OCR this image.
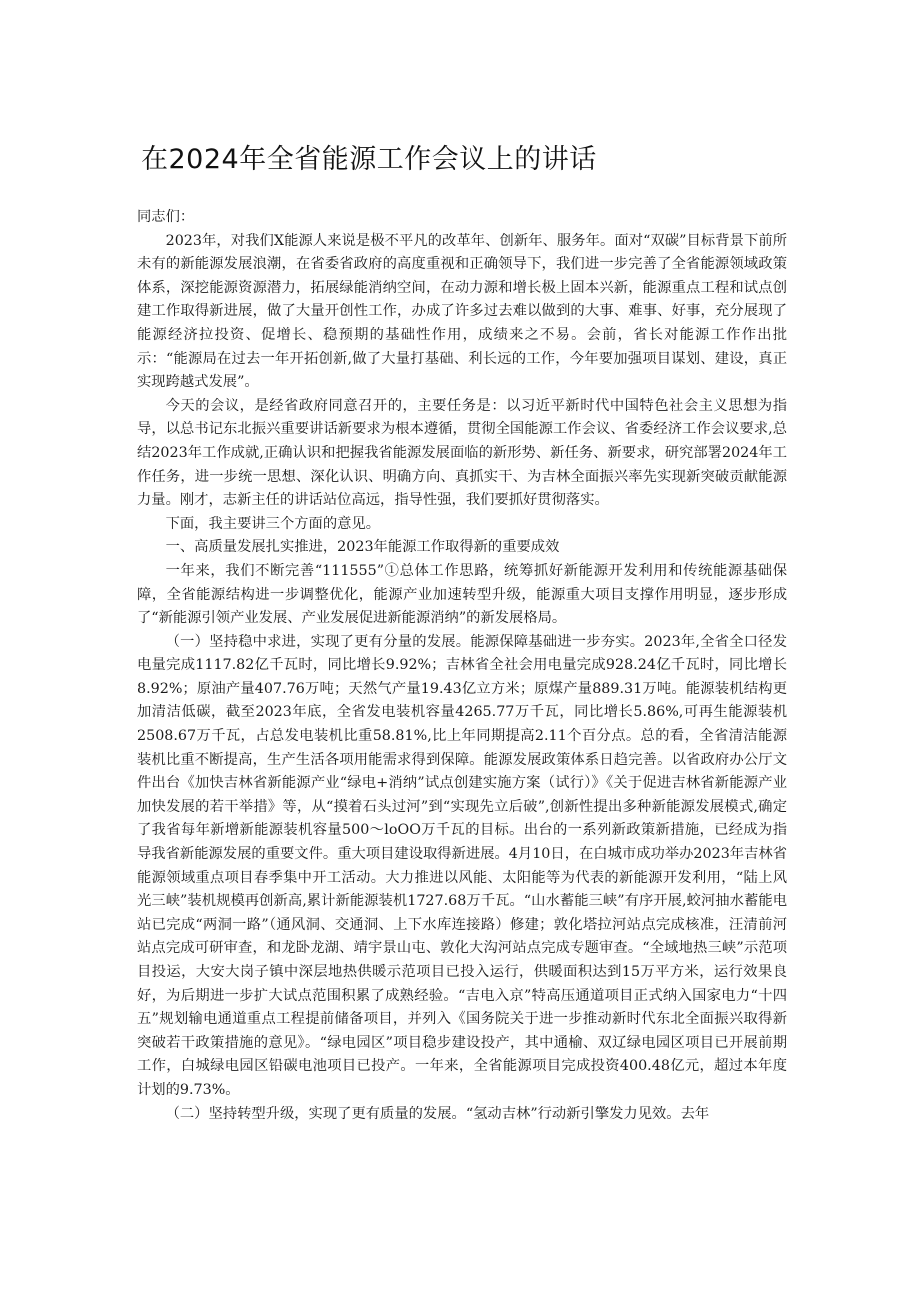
在2024年全省能源工作会议上的讲话

同志们：

2023年，对我们X能源人来说是极不平凡的改革年、创新年、服务年。面对“双碳”目标背景下前所未有的新能源发展浪潮，在省委省政府的高度重视和正确领导下，我们进一步完善了全省能源领域政策体系，深挖能源资源潜力，拓展绿能消纳空间，在动力源和增长极上固本兴新，能源重点工程和试点创建工作取得新进展，做了大量开创性工作，办成了许多过去难以做到的大事、难事、好事，充分展现了能源经济拉投资、促增长、稳预期的基础性作用，成绩来之不易。会前，省长对能源工作作出批示：“能源局在过去一年开拓创新,做了大量打基础、利长远的工作，今年要加强项目谋划、建设，真正实现跨越式发展”。

今天的会议，是经省政府同意召开的，主要任务是：以习近平新时代中国特色社会主义思想为指导，以总书记东北振兴重要讲话新要求为根本遵循，贯彻全国能源工作会议、省委经济工作会议要求,总结2023年工作成就,正确认识和把握我省能源发展面临的新形势、新任务、新要求，研究部署2024年工作任务，进一步统一思想、深化认识、明确方向、真抓实干、为吉林全面振兴率先实现新突破贡献能源力量。刚才，志新主任的讲话站位高远，指导性强，我们要抓好贯彻落实。

下面，我主要讲三个方面的意见。

一、高质量发展扎实推进，2023年能源工作取得新的重要成效

一年来，我们不断完善“111555”①总体工作思路，统筹抓好新能源开发利用和传统能源基础保障，全省能源结构进一步调整优化，能源产业加速转型升级，能源重大项目支撑作用明显，逐步形成了“新能源引领产业发展、产业发展促进新能源消纳”的新发展格局。

（一）坚持稳中求进，实现了更有分量的发展。能源保障基础进一步夯实。2023年,全省全口径发电量完成1117.82亿千瓦时，同比增长9.92%；吉林省全社会用电量完成928.24亿千瓦时，同比增长8.92%；原油产量407.76万吨；天然气产量19.43亿立方米；原煤产量889.31万吨。能源装机结构更加清洁低碳，截至2023年底，全省发电装机容量4265.77万千瓦，同比增长5.86%,可再生能源装机2508.67万千瓦，占总发电装机比重58.81%,比上年同期提高2.11个百分点。总的看，全省清洁能源装机比重不断提高，生产生活各项用能需求得到保障。能源发展政策体系日趋完善。以省政府办公厅文件出台《加快吉林省新能源产业“绿电+消纳”试点创建实施方案（试行）》《关于促进吉林省新能源产业加快发展的若干举措》等，从“摸着石头过河”到“实现先立后破”,创新性提出多种新能源发展模式,确定了我省每年新增新能源装机容量500～loOO万千瓦的目标。出台的一系列新政策新措施，已经成为指导我省新能源发展的重要文件。重大项目建设取得新进展。4月10日，在白城市成功举办2023年吉林省能源领域重点项目春季集中开工活动。大力推进以风能、太阳能等为代表的新能源开发利用，“陆上风光三峡”装机规模再创新高,累计新能源装机1727.68万千瓦。“山水蓄能三峡”有序开展,蛟河抽水蓄能电站已完成“两洞一路”（通风洞、交通洞、上下水库连接路）修建；敦化塔拉河站点完成核准，汪清前河站点完成可研审查，和龙卧龙湖、靖宇景山屯、敦化大沟河站点完成专题审查。“全域地热三峡”示范项目投运，大安大岗子镇中深层地热供暖示范项目已投入运行，供暖面积达到15万平方米，运行效果良好，为后期进一步扩大试点范围积累了成熟经验。“吉电入京”特高压通道项目正式纳入国家电力“十四五”规划输电通道重点工程提前储备项目，并列入《国务院关于进一步推动新时代东北全面振兴取得新突破若干政策措施的意见》。“绿电园区”项目稳步建设投产，其中通榆、双辽绿电园区项目已开展前期工作，白城绿电园区铅碳电池项目已投产。一年来，全省能源项目完成投资400.48亿元，超过本年度计划的9.73%。

（二）坚持转型升级，实现了更有质量的发展。“氢动吉林”行动新引擎发力见效。去年
